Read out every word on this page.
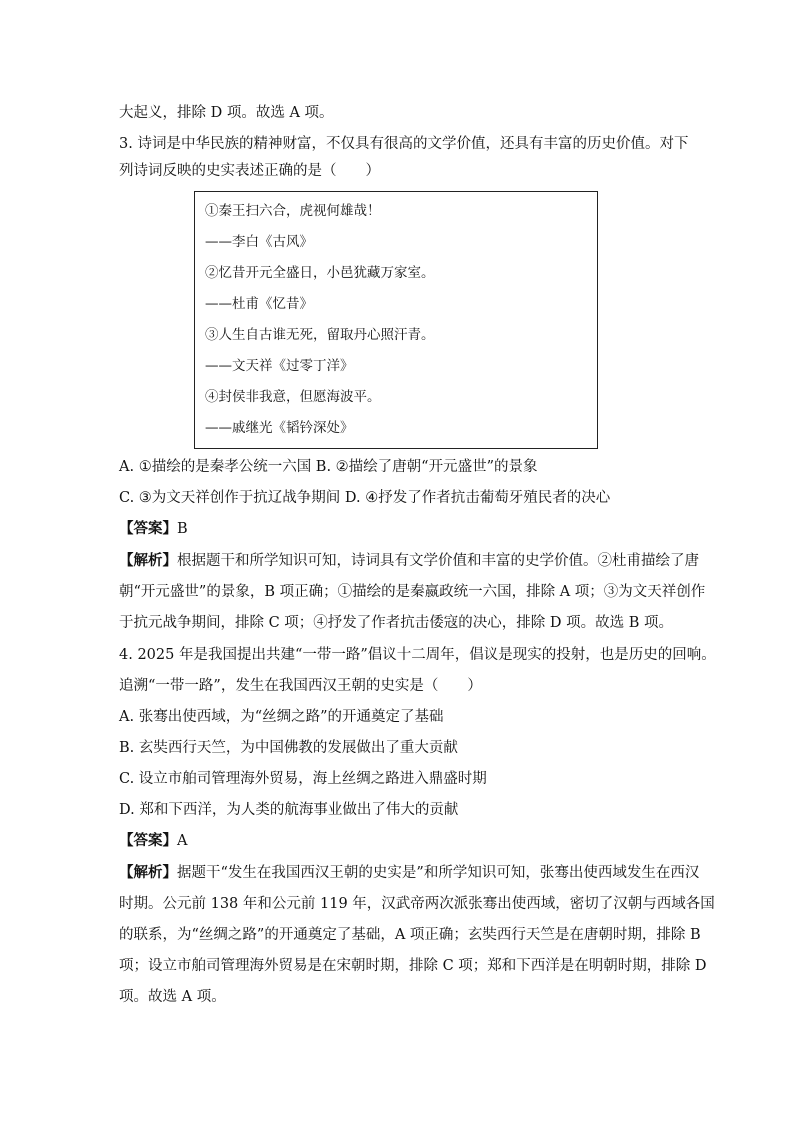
大起义，排除 D 项。故选 A 项。
3. 诗词是中华民族的精神财富，不仅具有很高的文学价值，还具有丰富的历史价值。对下
列诗词反映的史实表述正确的是（　　）
①秦王扫六合，虎视何雄哉！
——李白《古风》
②忆昔开元全盛日，小邑犹藏万家室。
——杜甫《忆昔》
③人生自古谁无死，留取丹心照汗青。
——文天祥《过零丁洋》
④封侯非我意，但愿海波平。
——戚继光《韬钤深处》
A. ①描绘的是秦孝公统一六国 B. ②描绘了唐朝“开元盛世”的景象
C. ③为文天祥创作于抗辽战争期间 D. ④抒发了作者抗击葡萄牙殖民者的决心
【答案】B
【解析】根据题干和所学知识可知，诗词具有文学价值和丰富的史学价值。②杜甫描绘了唐
朝“开元盛世”的景象，B 项正确；①描绘的是秦嬴政统一六国，排除 A 项；③为文天祥创作
于抗元战争期间，排除 C 项；④抒发了作者抗击倭寇的决心，排除 D 项。故选 B 项。
4. 2025 年是我国提出共建“一带一路”倡议十二周年，倡议是现实的投射，也是历史的回响。
追溯“一带一路”，发生在我国西汉王朝的史实是（　　）
A. 张骞出使西域，为“丝绸之路”的开通奠定了基础
B. 玄奘西行天竺，为中国佛教的发展做出了重大贡献
C. 设立市舶司管理海外贸易，海上丝绸之路进入鼎盛时期
D. 郑和下西洋，为人类的航海事业做出了伟大的贡献
【答案】A
【解析】据题干“发生在我国西汉王朝的史实是”和所学知识可知，张骞出使西域发生在西汉
时期。公元前 138 年和公元前 119 年，汉武帝两次派张骞出使西域，密切了汉朝与西域各国
的联系，为“丝绸之路”的开通奠定了基础，A 项正确；玄奘西行天竺是在唐朝时期，排除 B
项；设立市舶司管理海外贸易是在宋朝时期，排除 C 项；郑和下西洋是在明朝时期，排除 D
项。故选 A 项。
